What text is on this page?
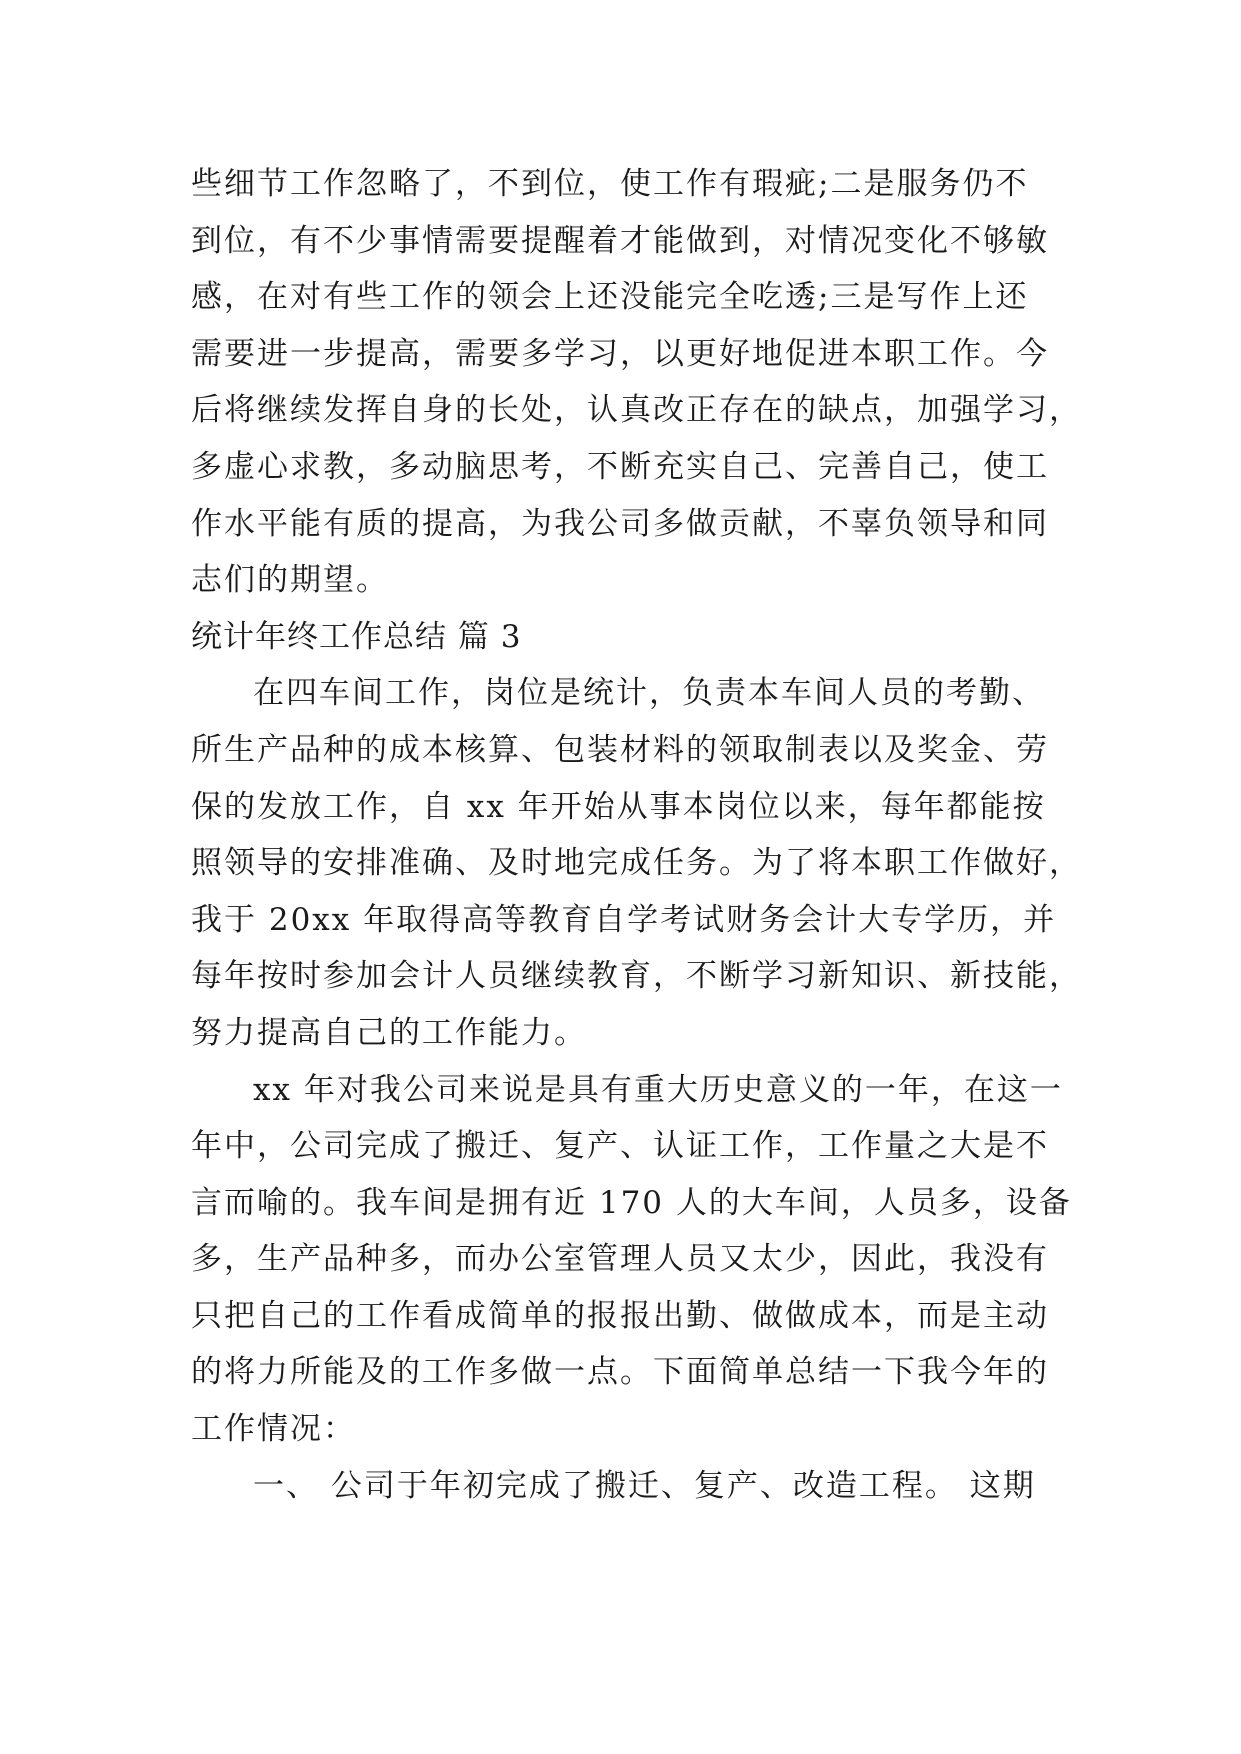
些细节工作忽略了，不到位，使工作有瑕疵;二是服务仍不
到位，有不少事情需要提醒着才能做到，对情况变化不够敏
感，在对有些工作的领会上还没能完全吃透;三是写作上还
需要进一步提高，需要多学习，以更好地促进本职工作。今
后将继续发挥自身的长处，认真改正存在的缺点，加强学习，
多虚心求教，多动脑思考，不断充实自己、完善自己，使工
作水平能有质的提高，为我公司多做贡献，不辜负领导和同
志们的期望。
统计年终工作总结 篇 3
在四车间工作，岗位是统计，负责本车间人员的考勤、
所生产品种的成本核算、包装材料的领取制表以及奖金、劳
保的发放工作，自 xx 年开始从事本岗位以来，每年都能按
照领导的安排准确、及时地完成任务。为了将本职工作做好，
我于 20xx 年取得高等教育自学考试财务会计大专学历，并
每年按时参加会计人员继续教育，不断学习新知识、新技能，
努力提高自己的工作能力。
xx 年对我公司来说是具有重大历史意义的一年，在这一
年中，公司完成了搬迁、复产、认证工作，工作量之大是不
言而喻的。我车间是拥有近 170 人的大车间，人员多，设备
多，生产品种多，而办公室管理人员又太少，因此，我没有
只把自己的工作看成简单的报报出勤、做做成本，而是主动
的将力所能及的工作多做一点。下面简单总结一下我今年的
工作情况：
一、 公司于年初完成了搬迁、复产、改造工程。 这期
